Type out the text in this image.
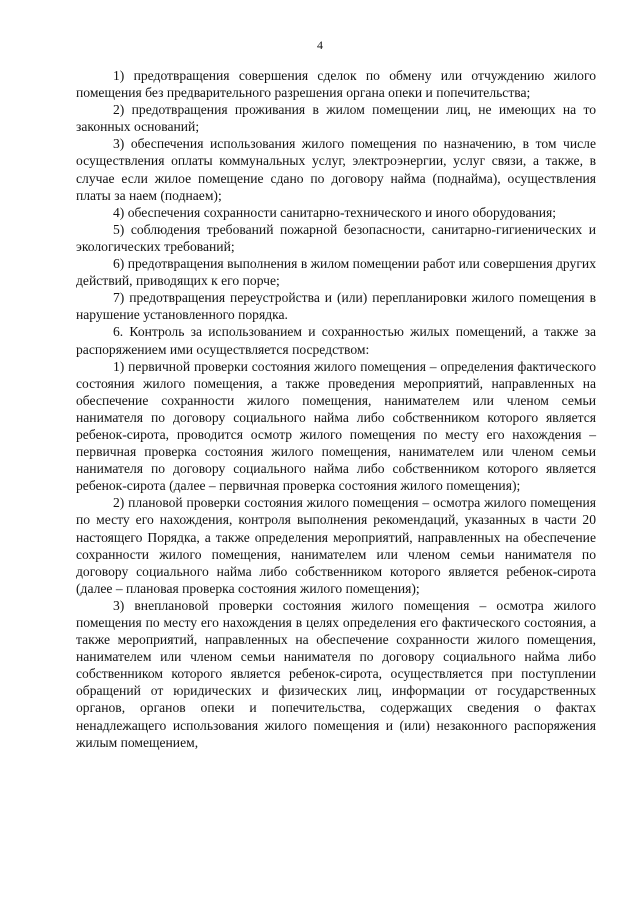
4

1) предотвращения совершения сделок по обмену или отчуждению жилого помещения без предварительного разрешения органа опеки и попечительства;

2) предотвращения проживания в жилом помещении лиц, не имеющих на то законных оснований;

3) обеспечения использования жилого помещения по назначению, в том числе осуществления оплаты коммунальных услуг, электроэнергии, услуг связи, а также, в случае если жилое помещение сдано по договору найма (поднайма), осуществления платы за наем (поднаем);

4) обеспечения сохранности санитарно-технического и иного оборудования;

5) соблюдения требований пожарной безопасности, санитарно-гигиенических и экологических требований;

6) предотвращения выполнения в жилом помещении работ или совершения других действий, приводящих к его порче;

7) предотвращения переустройства и (или) перепланировки жилого помещения в нарушение установленного порядка.

6. Контроль за использованием и сохранностью жилых помещений, а также за распоряжением ими осуществляется посредством:

1) первичной проверки состояния жилого помещения – определения фактического состояния жилого помещения, а также проведения мероприятий, направленных на обеспечение сохранности жилого помещения, нанимателем или членом семьи нанимателя по договору социального найма либо собственником которого является ребенок-сирота, проводится осмотр жилого помещения по месту его нахождения – первичная проверка состояния жилого помещения, нанимателем или членом семьи нанимателя по договору социального найма либо собственником которого является ребенок-сирота (далее – первичная проверка состояния жилого помещения);

2) плановой проверки состояния жилого помещения – осмотра жилого помещения по месту его нахождения, контроля выполнения рекомендаций, указанных в части 20 настоящего Порядка, а также определения мероприятий, направленных на обеспечение сохранности жилого помещения, нанимателем или членом семьи нанимателя по договору социального найма либо собственником которого является ребенок-сирота (далее – плановая проверка состояния жилого помещения);

3) внеплановой проверки состояния жилого помещения – осмотра жилого помещения по месту его нахождения в целях определения его фактического состояния, а также мероприятий, направленных на обеспечение сохранности жилого помещения, нанимателем или членом семьи нанимателя по договору социального найма либо собственником которого является ребенок-сирота, осуществляется при поступлении обращений от юридических и физических лиц, информации от государственных органов, органов опеки и попечительства, содержащих сведения о фактах ненадлежащего использования жилого помещения и (или) незаконного распоряжения жилым помещением,
